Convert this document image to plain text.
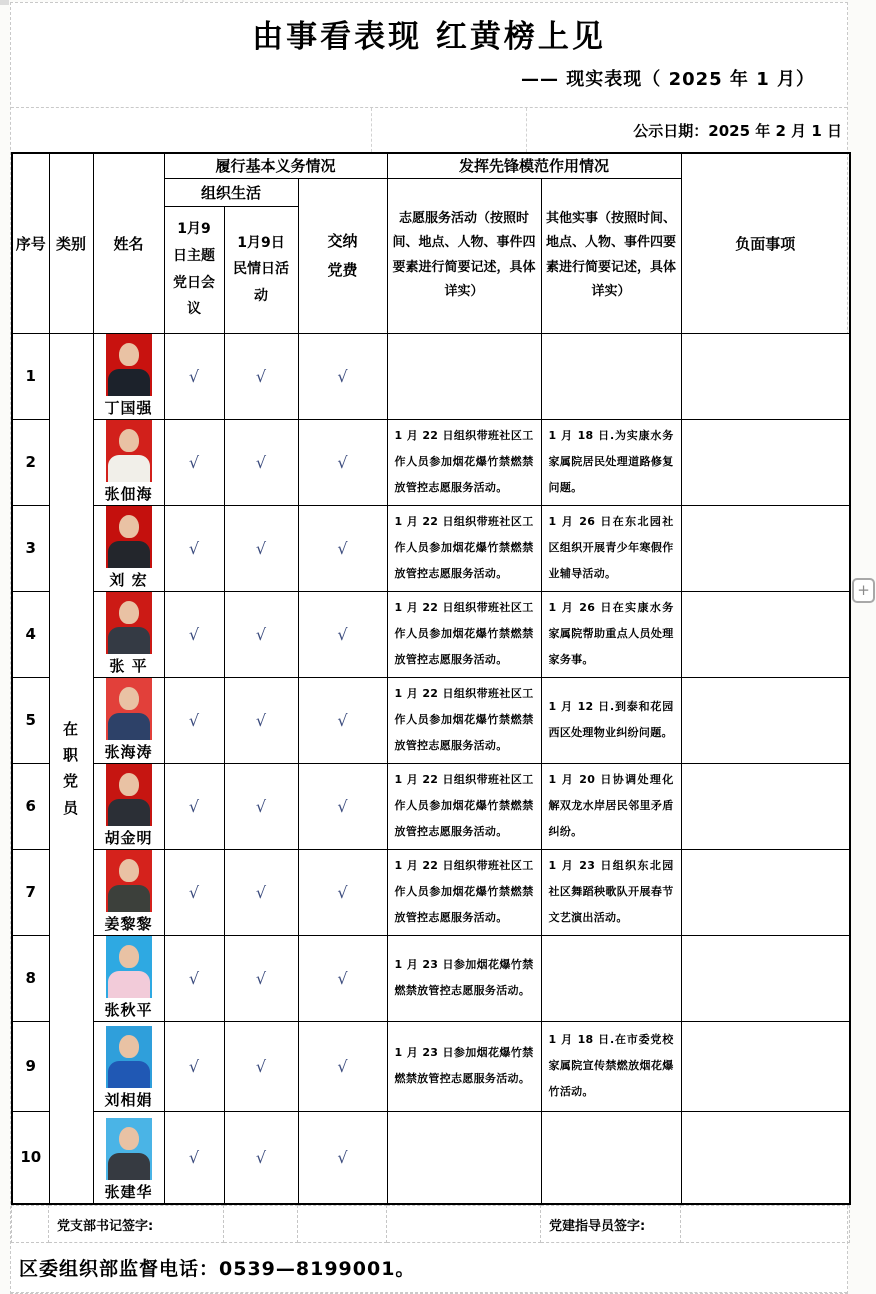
由事看表现 红黄榜上见
—— 现实表现（ 2025 年 1 月）
公示日期：2025 年 2 月 1 日
序号	类别	姓名	履行基本义务情况			发挥先锋模范作用情况		负面事项
			组织生活		交纳党费	志愿服务活动（按照时间、地点、人物、事件四要素进行简要记述，具体详实）	其他实事（按照时间、地点、人物、事件四要素进行简要记述，具体详实）	
			1月9日主题党日会议	1月9日民情日活动				
1	在职党员	丁国强	√	√	√			
2		张佃海	√	√	√	1 月 22 日组织带班社区工作人员参加烟花爆竹禁燃禁放管控志愿服务活动。	1 月 18 日.为实康水务家属院居民处理道路修复问题。	
3		刘 宏	√	√	√	1 月 22 日组织带班社区工作人员参加烟花爆竹禁燃禁放管控志愿服务活动。	1 月 26 日在东北园社区组织开展青少年寒假作业辅导活动。	
4		张 平	√	√	√	1 月 22 日组织带班社区工作人员参加烟花爆竹禁燃禁放管控志愿服务活动。	1 月 26 日在实康水务家属院帮助重点人员处理家务事。	
5		张海涛	√	√	√	1 月 22 日组织带班社区工作人员参加烟花爆竹禁燃禁放管控志愿服务活动。	1 月 12 日.到泰和花园西区处理物业纠纷问题。	
6		胡金明	√	√	√	1 月 22 日组织带班社区工作人员参加烟花爆竹禁燃禁放管控志愿服务活动。	1 月 20 日协调处理化解双龙水岸居民邻里矛盾纠纷。	
7		姜黎黎	√	√	√	1 月 22 日组织带班社区工作人员参加烟花爆竹禁燃禁放管控志愿服务活动。	1 月 23 日组织东北园社区舞蹈秧歌队开展春节文艺演出活动。	
8		张秋平	√	√	√	1 月 23 日参加烟花爆竹禁燃禁放管控志愿服务活动。		
9		刘相娟	√	√	√	1 月 23 日参加烟花爆竹禁燃禁放管控志愿服务活动。	1 月 18 日.在市委党校家属院宣传禁燃放烟花爆竹活动。	
10		张建华	√	√	√			
	党支部书记签字:				党建指导员签字:	
区委组织部监督电话：0539—8199001。
+
